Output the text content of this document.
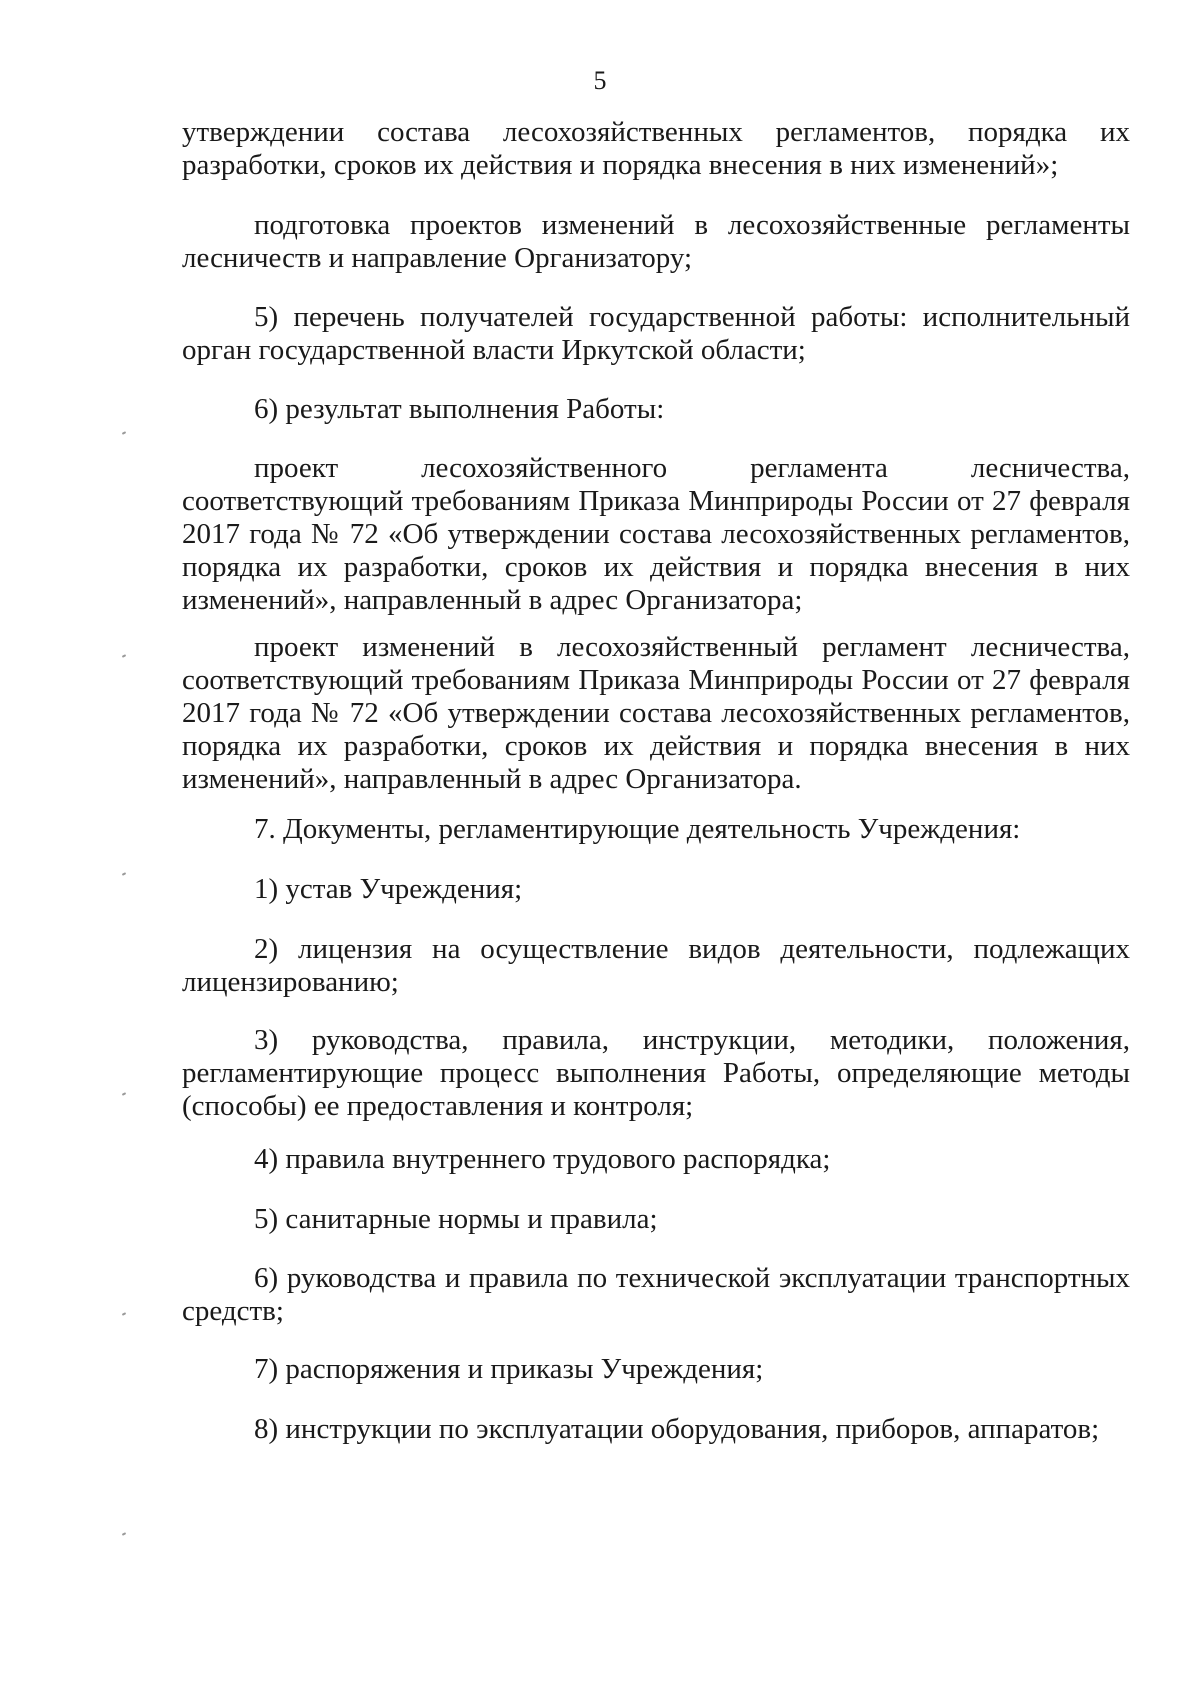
5

утверждении состава лесохозяйственных регламентов, порядка их разработки, сроков их действия и порядка внесения в них изменений»;

подготовка проектов изменений в лесохозяйственные регламенты лесничеств и направление Организатору;

5) перечень получателей государственной работы: исполнительный орган государственной власти Иркутской области;

6) результат выполнения Работы:

проект лесохозяйственного регламента лесничества, соответствующий требованиям Приказа Минприроды России от 27 февраля 2017 года № 72 «Об утверждении состава лесохозяйственных регламентов, порядка их разработки, сроков их действия и порядка внесения в них изменений», направленный в адрес Организатора;

проект изменений в лесохозяйственный регламент лесничества, соответствующий требованиям Приказа Минприроды России от 27 февраля 2017 года № 72 «Об утверждении состава лесохозяйственных регламентов, порядка их разработки, сроков их действия и порядка внесения в них изменений», направленный в адрес Организатора.

7. Документы, регламентирующие деятельность Учреждения:

1) устав Учреждения;

2) лицензия на осуществление видов деятельности, подлежащих лицензированию;

3) руководства, правила, инструкции, методики, положения, регламентирующие процесс выполнения Работы, определяющие методы (способы) ее предоставления и контроля;

4) правила внутреннего трудового распорядка;

5) санитарные нормы и правила;

6) руководства и правила по технической эксплуатации транспортных средств;

7) распоряжения и приказы Учреждения;

8) инструкции по эксплуатации оборудования, приборов, аппаратов;
